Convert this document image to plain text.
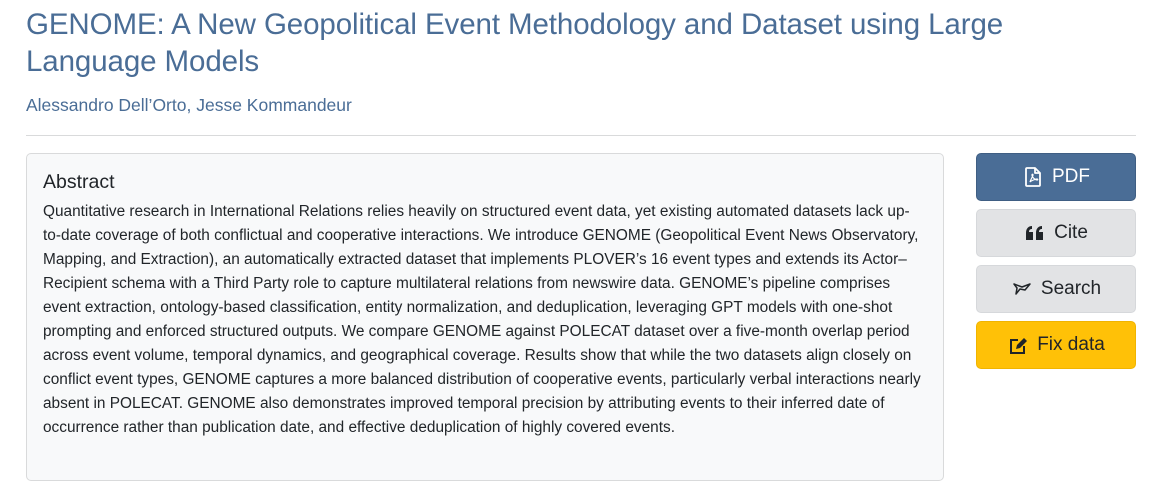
GENOME: A New Geopolitical Event Methodology and Dataset using Large Language Models
Alessandro Dell’Orto, Jesse Kommandeur
Abstract

Quantitative research in International Relations relies heavily on structured event data, yet existing automated datasets lack up-to-date coverage of both conflictual and cooperative interactions. We introduce GENOME (Geopolitical Event News Observatory, Mapping, and Extraction), an automatically extracted dataset that implements PLOVER’s 16 event types and extends its Actor–Recipient schema with a Third Party role to capture multilateral relations from newswire data. GENOME’s pipeline comprises event extraction, ontology-based classification, entity normalization, and deduplication, leveraging GPT models with one-shot prompting and enforced structured outputs. We compare GENOME against POLECAT dataset over a five-month overlap period across event volume, temporal dynamics, and geographical coverage. Results show that while the two datasets align closely on conflict event types, GENOME captures a more balanced distribution of cooperative events, particularly verbal interactions nearly absent in POLECAT. GENOME also demonstrates improved temporal precision by attributing events to their inferred date of occurrence rather than publication date, and effective deduplication of highly covered events.

PDF
Cite
Search
Fix data
